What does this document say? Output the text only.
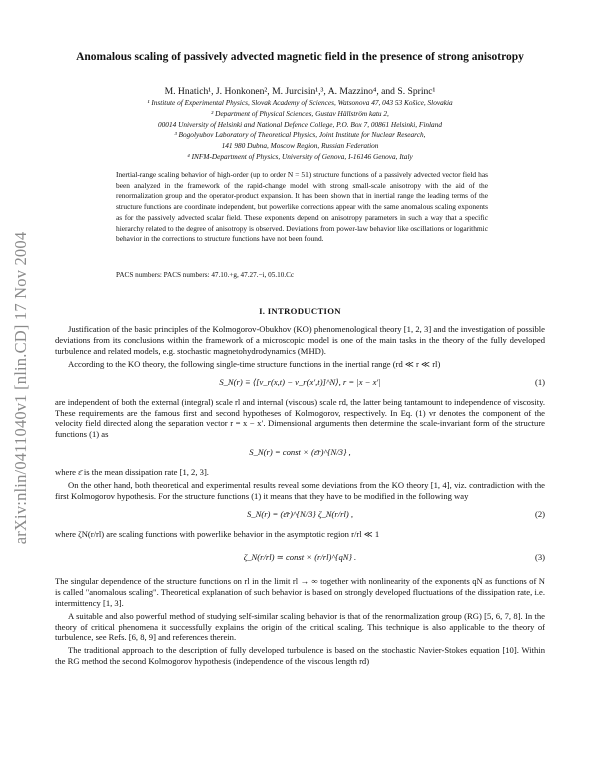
arXiv:nlin/0411040v1 [nlin.CD] 17 Nov 2004
Anomalous scaling of passively advected magnetic field in the presence of strong anisotropy
M. Hnatich¹, J. Honkonen², M. Jurcisin¹,³, A. Mazzino⁴, and S. Sprinc¹
¹ Institute of Experimental Physics, Slovak Academy of Sciences, Watsonova 47, 043 53 Košice, Slovakia
² Department of Physical Sciences, Gustav Hällström katu 2,
00014 University of Helsinki and National Defence College, P.O. Box 7, 00861 Helsinki, Finland
³ Bogolyubov Laboratory of Theoretical Physics, Joint Institute for Nuclear Research,
141 980 Dubna, Moscow Region, Russian Federation
⁴ INFM-Department of Physics, University of Genova, I-16146 Genova, Italy
Inertial-range scaling behavior of high-order (up to order N = 51) structure functions of a passively advected vector field has been analyzed in the framework of the rapid-change model with strong small-scale anisotropy with the aid of the renormalization group and the operator-product expansion. It has been shown that in inertial range the leading terms of the structure functions are coordinate independent, but powerlike corrections appear with the same anomalous scaling exponents as for the passively advected scalar field. These exponents depend on anisotropy parameters in such a way that a specific hierarchy related to the degree of anisotropy is observed. Deviations from power-law behavior like oscillations or logarithmic behavior in the corrections to structure functions have not been found.
PACS numbers: PACS numbers: 47.10.+g, 47.27.−i, 05.10.Cc
I. INTRODUCTION

Justification of the basic principles of the Kolmogorov-Obukhov (KO) phenomenological theory [1, 2, 3] and the investigation of possible deviations from its conclusions within the framework of a microscopic model is one of the main tasks in the theory of the fully developed turbulence and related models, e.g. stochastic magnetohydrodynamics (MHD).

According to the KO theory, the following single-time structure functions in the inertial range (rd ≪ r ≪ rl)

S_N(r) ≡ ⟨[v_r(x,t) − v_r(x′,t)]^N⟩, r = |x − x′|	(1)

are independent of both the external (integral) scale rl and internal (viscous) scale rd, the latter being tantamount to independence of viscosity. These requirements are the famous first and second hypotheses of Kolmogorov, respectively. In Eq. (1) vr denotes the component of the velocity field directed along the separation vector r = x − x′. Dimensional arguments then determine the scale-invariant form of the structure functions (1) as

S_N(r) = const × (ε̄r)^{N/3} ,

where ε̄ is the mean dissipation rate [1, 2, 3].

On the other hand, both theoretical and experimental results reveal some deviations from the KO theory [1, 4], viz. contradiction with the first Kolmogorov hypothesis. For the structure functions (1) it means that they have to be modified in the following way

S_N(r) = (ε̄r)^{N/3} ζ_N(r/rl) ,	(2)

where ζN(r/rl) are scaling functions with powerlike behavior in the asymptotic region r/rl ≪ 1

ζ_N(r/rl) ≃ const × (r/rl)^{qN} .	(3)

The singular dependence of the structure functions on rl in the limit rl → ∞ together with nonlinearity of the exponents qN as functions of N is called "anomalous scaling". Theoretical explanation of such behavior is based on strongly developed fluctuations of the dissipation rate, i.e. intermittency [1, 3].

A suitable and also powerful method of studying self-similar scaling behavior is that of the renormalization group (RG) [5, 6, 7, 8]. In the theory of critical phenomena it successfully explains the origin of the critical scaling. This technique is also applicable to the theory of turbulence, see Refs. [6, 8, 9] and references therein.

The traditional approach to the description of fully developed turbulence is based on the stochastic Navier-Stokes equation [10]. Within the RG method the second Kolmogorov hypothesis (independence of the viscous length rd)
